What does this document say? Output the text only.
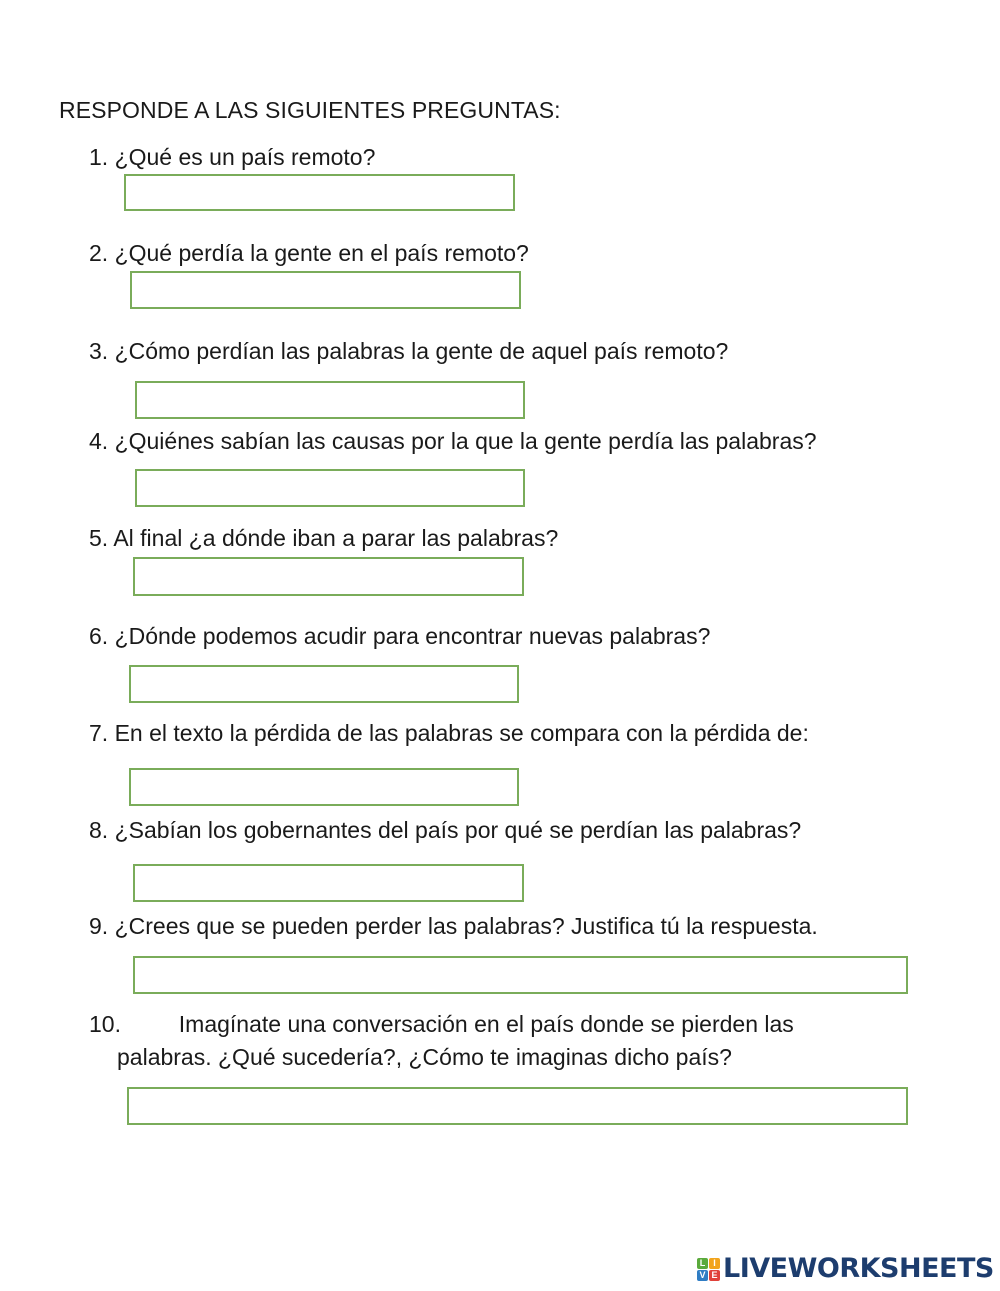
RESPONDE A LAS SIGUIENTES PREGUNTAS:
1. ¿Qué es un país remoto?
2. ¿Qué perdía la gente en el país remoto?
3. ¿Cómo perdían las palabras la gente de aquel país remoto?
4. ¿Quiénes sabían las causas por la que la gente perdía las palabras?
5. Al final ¿a dónde iban a parar las palabras?
6. ¿Dónde podemos acudir para encontrar nuevas palabras?
7. En el texto la pérdida de las palabras se compara con la pérdida de:
8. ¿Sabían los gobernantes del país por qué se perdían las palabras?
9. ¿Crees que se pueden perder las palabras? Justifica tú la respuesta.
10.	Imagínate una conversación en el país donde se pierden las
palabras. ¿Qué sucedería?, ¿Cómo te imaginas dicho país?
L I
V E LIVEWORKSHEETS
